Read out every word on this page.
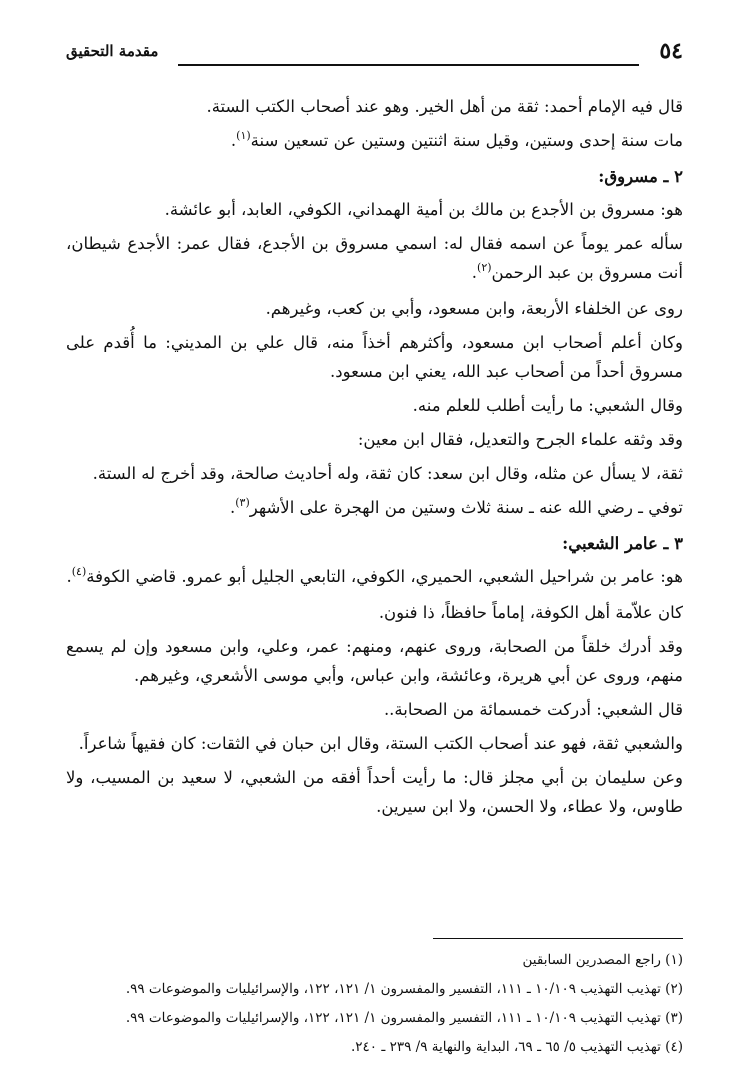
٥٤
مقدمة التحقيق

قال فيه الإمام أحمد: ثقة من أهل الخير. وهو عند أصحاب الكتب الستة.

مات سنة إحدى وستين، وقيل سنة اثنتين وستين عن تسعين سنة$^{(١)}$.

٢ ـ مسروق:

هو: مسروق بن الأجدع بن مالك بن أمية الهمداني، الكوفي، العابد، أبو عائشة.

سأله عمر يوماً عن اسمه فقال له: اسمي مسروق بن الأجدع، فقال عمر: الأجدع شيطان، أنت مسروق بن عبد الرحمن$^{(٢)}$.

روى عن الخلفاء الأربعة، وابن مسعود، وأبي بن كعب، وغيرهم.

وكان أعلم أصحاب ابن مسعود، وأكثرهم أخذاً منه، قال علي بن المديني: ما أُقدم على مسروق أحداً من أصحاب عبد الله، يعني ابن مسعود.

وقال الشعبي: ما رأيت أطلب للعلم منه.

وقد وثقه علماء الجرح والتعديل، فقال ابن معين:

ثقة، لا يسأل عن مثله، وقال ابن سعد: كان ثقة، وله أحاديث صالحة، وقد أخرج له الستة.

توفي ـ رضي الله عنه ـ سنة ثلاث وستين من الهجرة على الأشهر$^{(٣)}$.

٣ ـ عامر الشعبي:

هو: عامر بن شراحيل الشعبي، الحميري، الكوفي، التابعي الجليل أبو عمرو. قاضي الكوفة$^{(٤)}$.

كان علاّمة أهل الكوفة، إماماً حافظاً، ذا فنون.

وقد أدرك خلقاً من الصحابة، وروى عنهم، ومنهم: عمر، وعلي، وابن مسعود وإن لم يسمع منهم، وروى عن أبي هريرة، وعائشة، وابن عباس، وأبي موسى الأشعري، وغيرهم.

قال الشعبي: أدركت خمسمائة من الصحابة..

والشعبي ثقة، فهو عند أصحاب الكتب الستة، وقال ابن حبان في الثقات: كان فقيهاً شاعراً.

وعن سليمان بن أبي مجلز قال: ما رأيت أحداً أفقه من الشعبي، لا سعيد بن المسيب، ولا طاوس، ولا عطاء، ولا الحسن، ولا ابن سيرين.

(١) راجع المصدرين السابقين

(٢) تهذيب التهذيب ١٠/١٠٩ ـ ١١١، التفسير والمفسرون ١/ ١٢١، ١٢٢، والإسرائيليات والموضوعات ٩٩.

(٣) تهذيب التهذيب ١٠/١٠٩ ـ ١١١، التفسير والمفسرون ١/ ١٢١، ١٢٢، والإسرائيليات والموضوعات ٩٩.

(٤) تهذيب التهذيب ٥/ ٦٥ ـ ٦٩، البداية والنهاية ٩/ ٢٣٩ ـ ٢٤٠.
